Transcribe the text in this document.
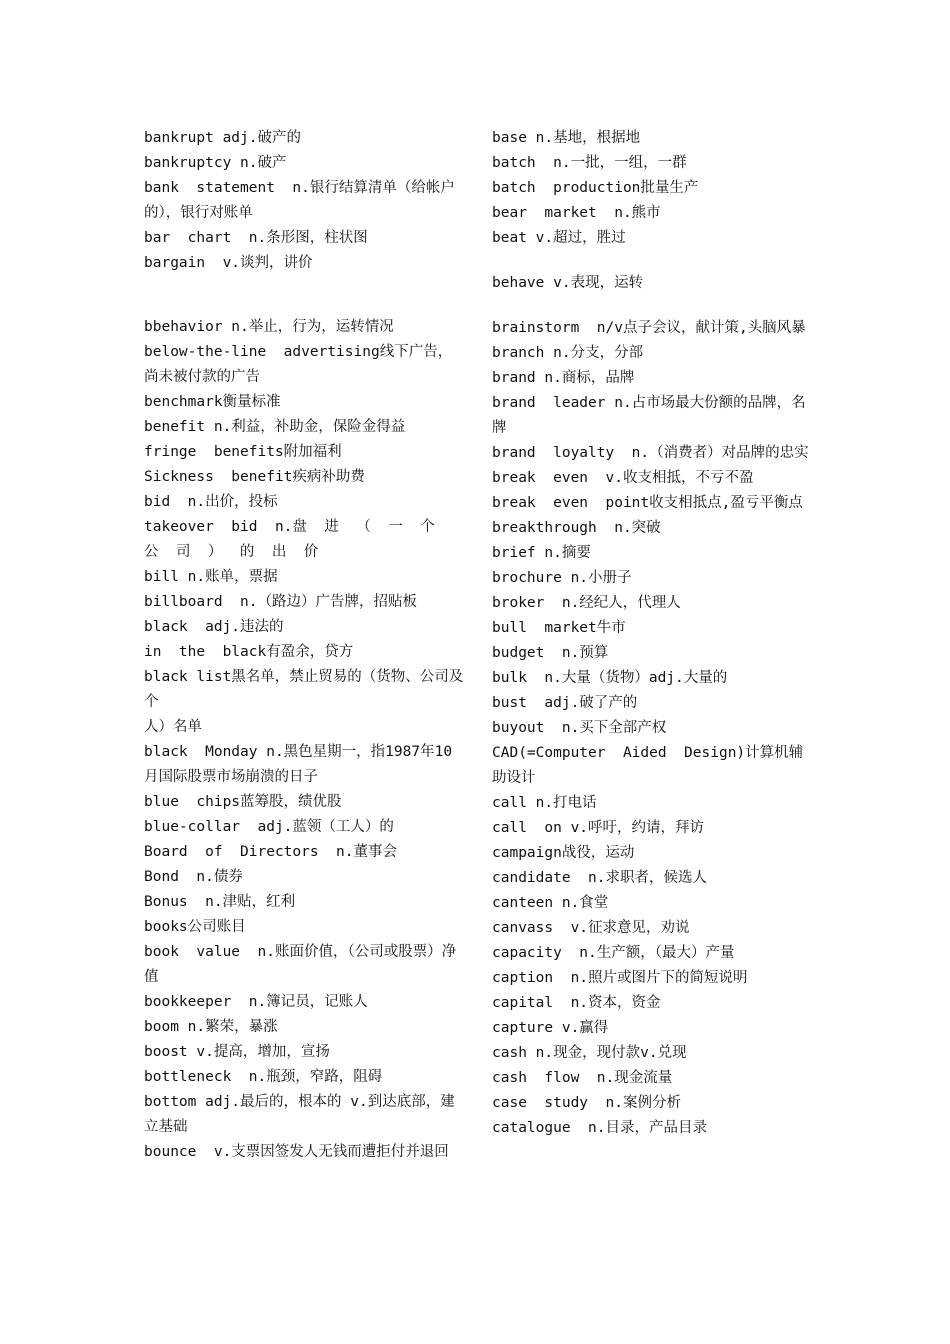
bankrupt adj.破产的
bankruptcy n.破产
bank  statement  n.银行结算清单（给帐户的），银行对账单
bar  chart  n.条形图，柱状图
bargain  v.谈判，讲价
bbehavior n.举止，行为，运转情况
below-the-line  advertising线下广告，尚未被付款的广告
benchmark衡量标准
benefit n.利益，补助金，保险金得益
fringe  benefits附加福利
Sickness  benefit疾病补助费
bid  n.出价，投标
takeover  bid  n.盘  进  （  一  个  公  司  ）  的  出  价
bill n.账单，票据
billboard  n.（路边）广告牌，招贴板
black  adj.违法的
in  the  black有盈余，贷方
black list黑名单，禁止贸易的（货物、公司及个
人）名单
black  Monday n.黑色星期一，指1987年10月国际股票市场崩溃的日子
blue  chips蓝筹股，绩优股
blue-collar  adj.蓝领（工人）的
Board  of  Directors  n.董事会
Bond  n.债券
Bonus  n.津贴，红利
books公司账目
book  value  n.账面价值，（公司或股票）净值
bookkeeper  n.簿记员，记账人
boom n.繁荣，暴涨
boost v.提高，增加，宣扬
bottleneck  n.瓶颈，窄路，阻碍
bottom adj.最后的，根本的 v.到达底部，建立基础
bounce  v.支票因签发人无钱而遭拒付并退回
base n.基地，根据地
batch  n.一批，一组，一群
batch  production批量生产
bear  market  n.熊市
beat v.超过，胜过
behave v.表现，运转
brainstorm  n/v点子会议，献计策,头脑风暴
branch n.分支，分部
brand n.商标，品牌
brand  leader n.占市场最大份额的品牌，名牌
brand  loyalty  n.（消费者）对品牌的忠实
break  even  v.收支相抵，不亏不盈
break  even  point收支相抵点,盈亏平衡点
breakthrough  n.突破
brief n.摘要
brochure n.小册子
broker  n.经纪人，代理人
bull  market牛市
budget  n.预算
bulk  n.大量（货物）adj.大量的
bust  adj.破了产的
buyout  n.买下全部产权
CAD(=Computer  Aided  Design)计算机辅助设计
call n.打电话
call  on v.呼吁，约请，拜访
campaign战役，运动
candidate  n.求职者，候选人
canteen n.食堂
canvass  v.征求意见，劝说
capacity  n.生产额，（最大）产量
caption  n.照片或图片下的简短说明
capital  n.资本，资金
capture v.赢得
cash n.现金，现付款v.兑现
cash  flow  n.现金流量
case  study  n.案例分析
catalogue  n.目录，产品目录
